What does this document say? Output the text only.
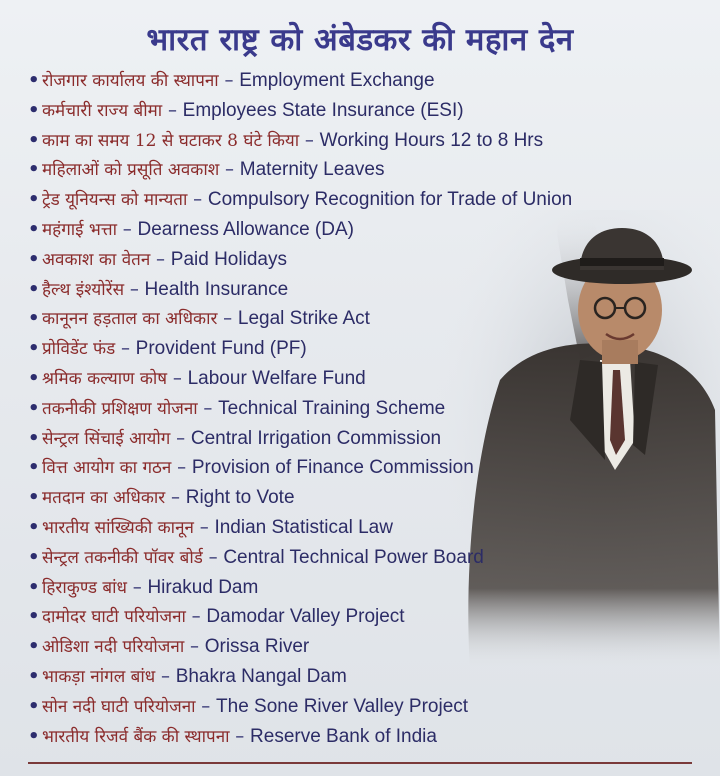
भारत राष्ट्र को अंबेडकर की महान देन
• रोजगार कार्यालय की स्थापना – Employment Exchange
• कर्मचारी राज्य बीमा – Employees State Insurance (ESI)
• काम का समय 12 से घटाकर 8 घंटे किया – Working Hours 12 to 8 Hrs
• महिलाओं को प्रसूति अवकाश – Maternity Leaves
• ट्रेड यूनियन्स को मान्यता – Compulsory Recognition for Trade of Union
• महंगाई भत्ता – Dearness Allowance (DA)
• अवकाश का वेतन – Paid Holidays
• हैल्थ इंश्योरेंस – Health Insurance
• कानूनन हड़ताल का अधिकार – Legal Strike Act
• प्रोविडेंट फंड – Provident Fund (PF)
• श्रमिक कल्याण कोष – Labour Welfare Fund
• तकनीकी प्रशिक्षण योजना – Technical Training Scheme
• सेन्ट्रल सिंचाई आयोग – Central Irrigation Commission
• वित्त आयोग का गठन – Provision of Finance Commission
• मतदान का अधिकार – Right to Vote
• भारतीय सांख्यिकी कानून – Indian Statistical Law
• सेन्ट्रल तकनीकी पॉवर बोर्ड – Central Technical Power Board
• हिराकुण्ड बांध – Hirakud Dam
• दामोदर घाटी परियोजना – Damodar Valley Project
• ओडिशा नदी परियोजना – Orissa River
• भाकड़ा नांगल बांध – Bhakra Nangal Dam
• सोन नदी घाटी परियोजना – The Sone River Valley Project
• भारतीय रिजर्व बैंक की स्थापना – Reserve Bank of India
